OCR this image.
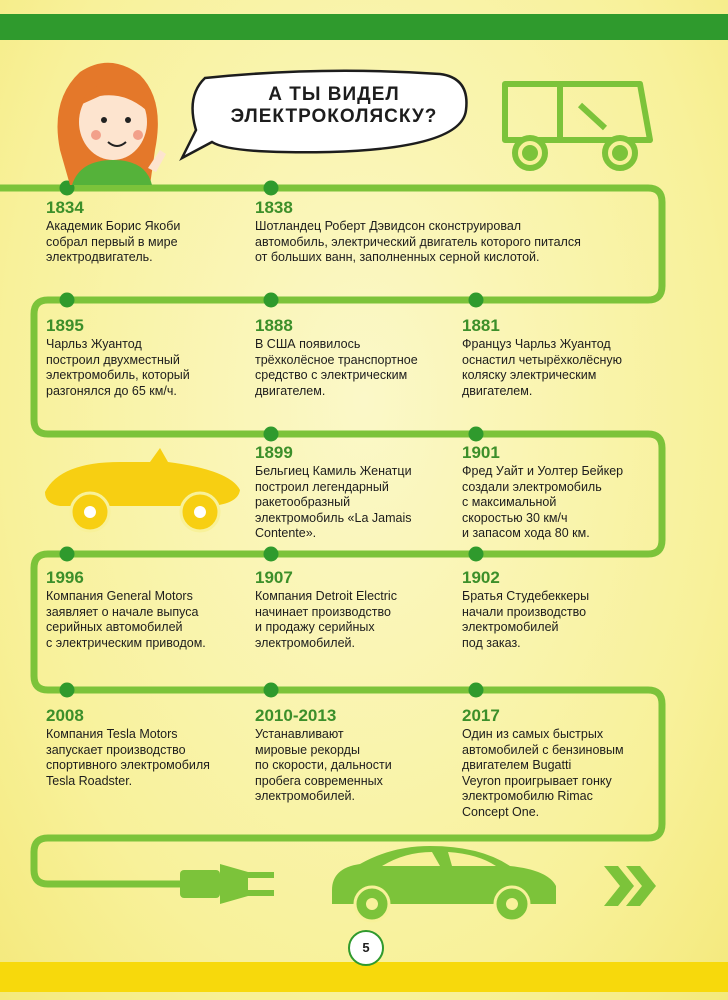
А ТЫ ВИДЕЛ
ЭЛЕКТРОКОЛЯСКУ?
1834
Академик Борис Якоби
собрал первый в мире
электродвигатель.
1838
Шотландец Роберт Дэвидсон сконструировал
автомобиль, электрический двигатель которого питался
от больших ванн, заполненных серной кислотой.
1895
Чарльз Жуантод
построил двухместный
электромобиль, который
разгонялся до 65 км/ч.
1888
В США появилось
трёхколёсное транспортное
средство с электрическим
двигателем.
1881
Француз Чарльз Жуантод
оснастил четырёхколёсную
коляску электрическим
двигателем.
1899
Бельгиец Камиль Женатци
построил легендарный
ракетообразный
электромобиль «La Jamais
Contente».
1901
Фред Уайт и Уолтер Бейкер
создали электромобиль
с максимальной
скоростью 30 км/ч
и запасом хода 80 км.
1996
Компания General Motors
заявляет о начале выпуса
серийных автомобилей
с электрическим приводом.
1907
Компания Detroit Electric
начинает производство
и продажу серийных
электромобилей.
1902
Братья Студебеккеры
начали производство
электромобилей
под заказ.
2008
Компания Tesla Motors
запускает производство
спортивного электромобиля
Tesla Roadster.
2010-2013
Устанавливают
мировые рекорды
по скорости, дальности
пробега современных
электромобилей.
2017
Один из самых быстрых
автомобилей с бензиновым
двигателем Bugatti
Veyron проигрывает гонку
электромобилю Rimac
Concept One.
5
